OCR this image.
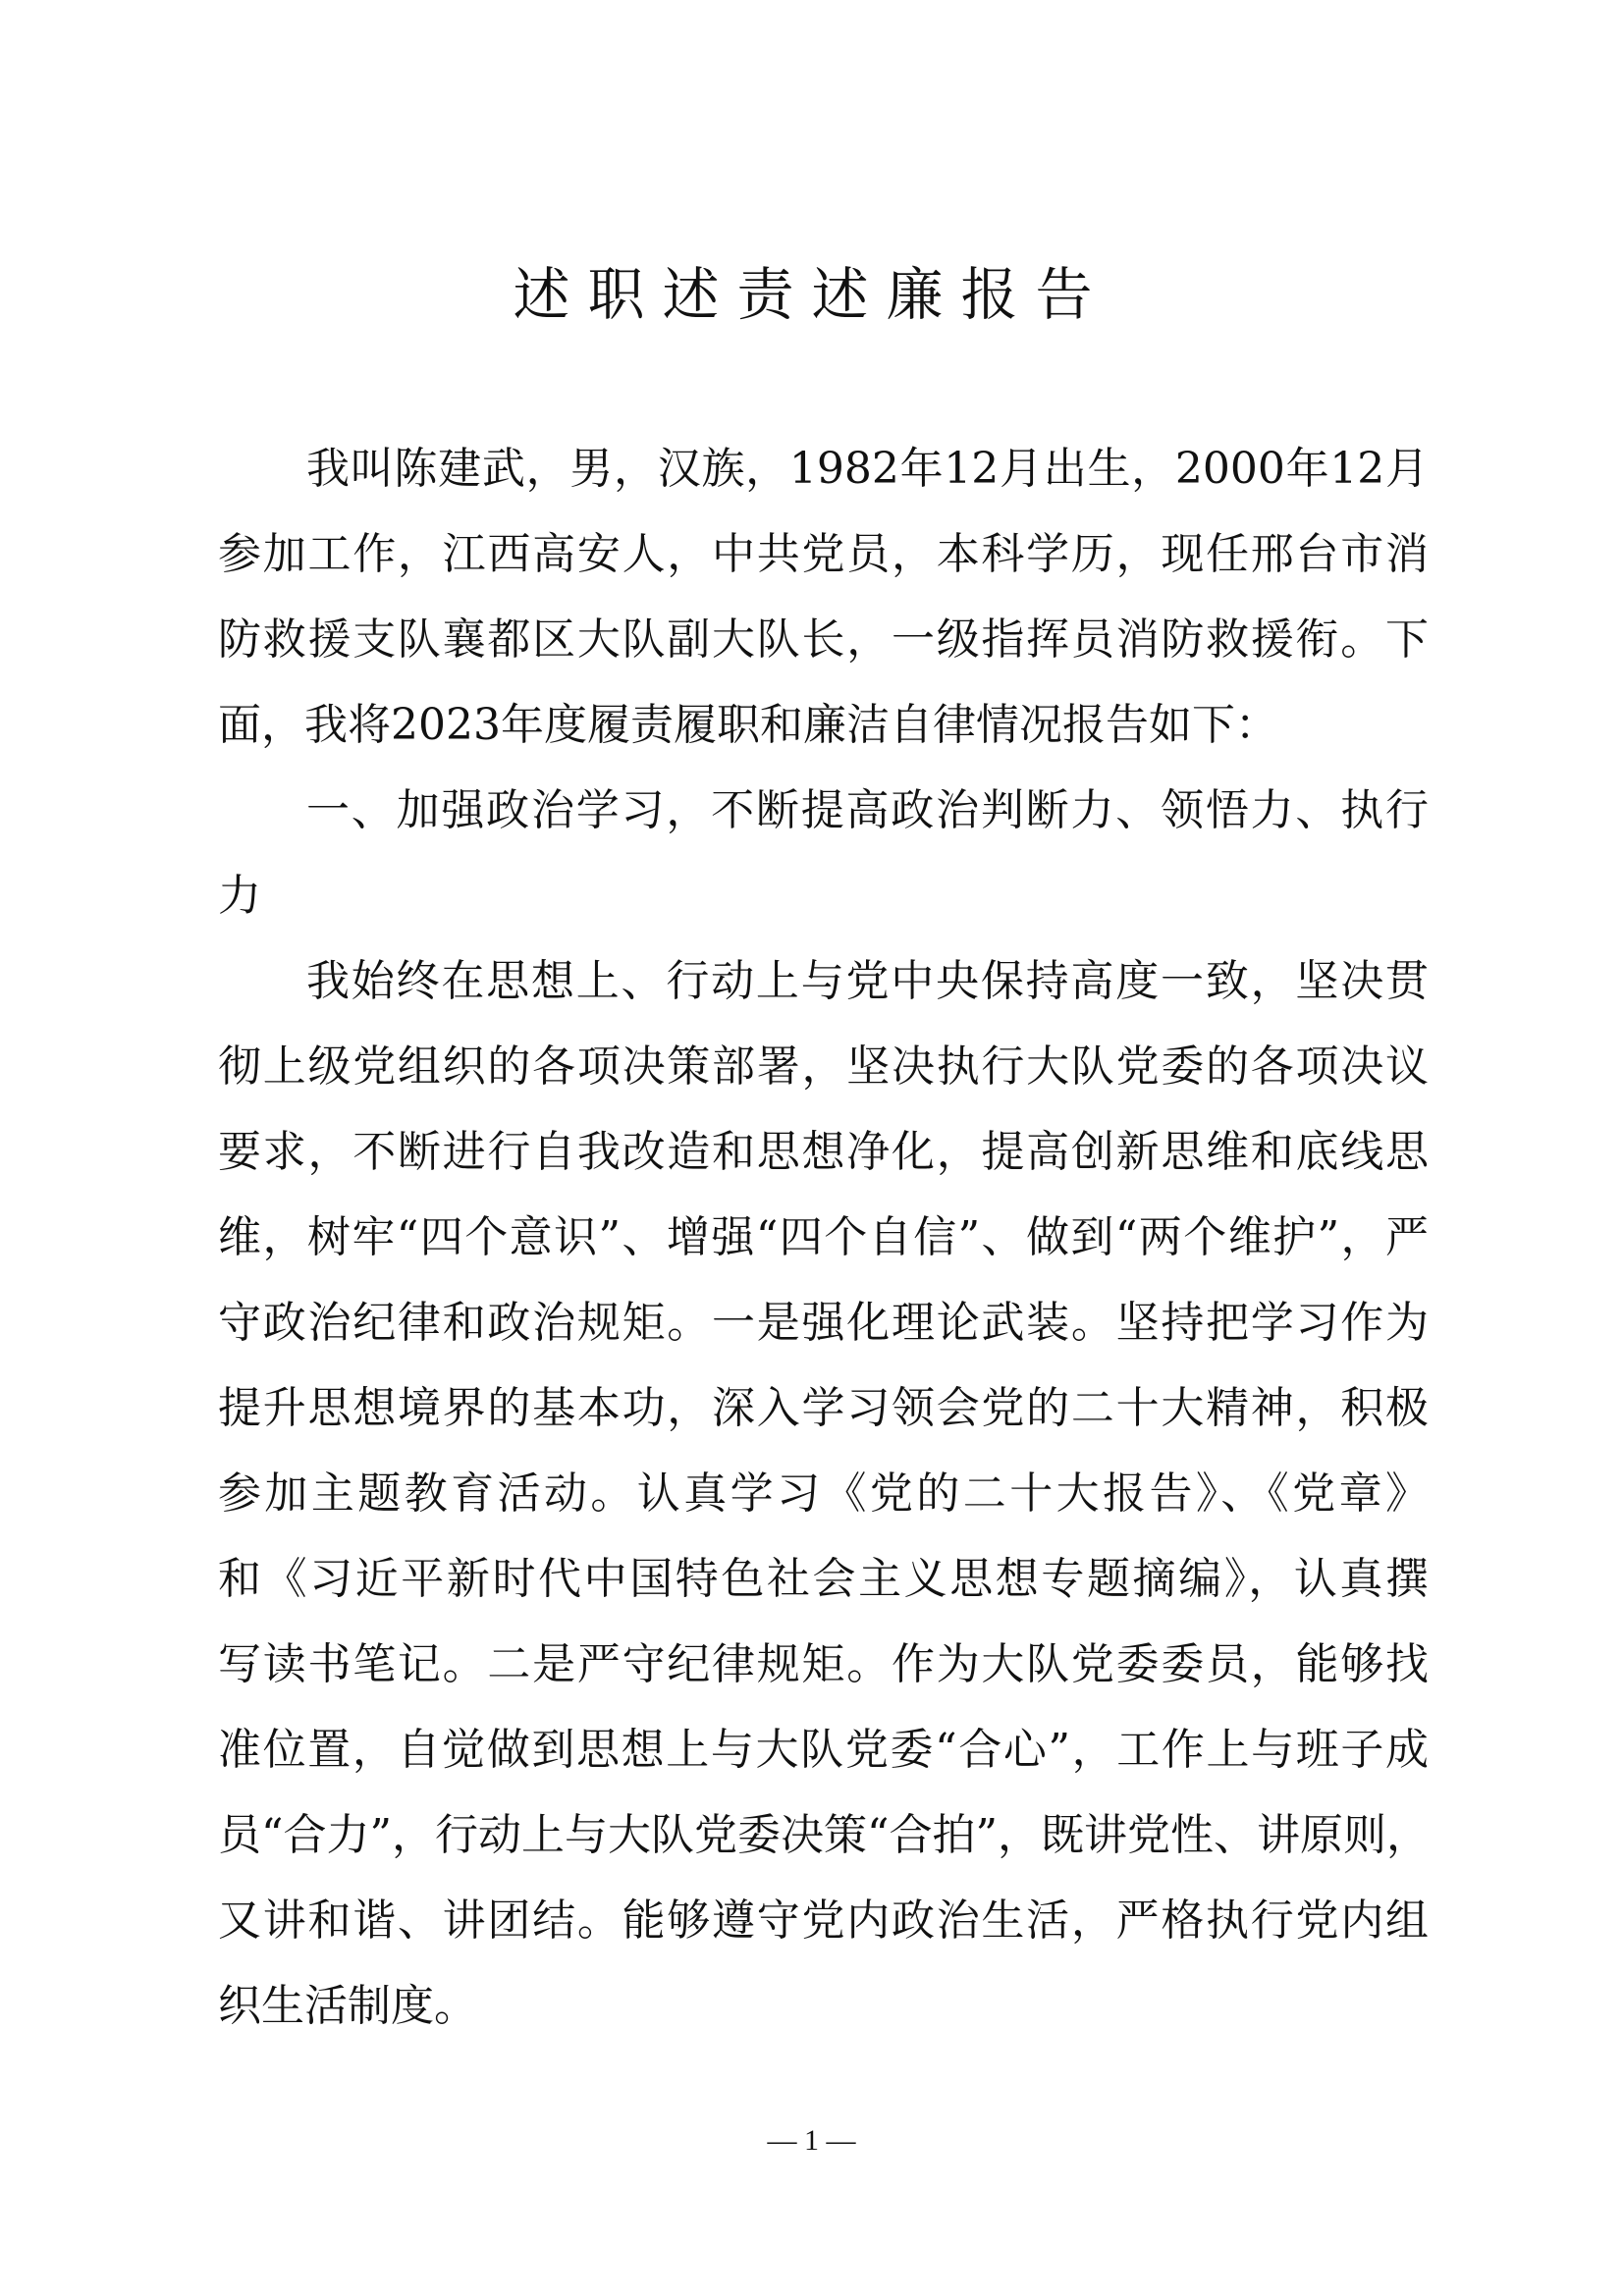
述职述责述廉报告
我叫陈建武，男，汉族，1982年12月出生，2000年12月
参加工作，江西高安人，中共党员，本科学历，现任邢台市消
防救援支队襄都区大队副大队长，一级指挥员消防救援衔。下
面，我将2023年度履责履职和廉洁自律情况报告如下：
一、加强政治学习，不断提高政治判断力、领悟力、执行
力
我始终在思想上、行动上与党中央保持高度一致，坚决贯
彻上级党组织的各项决策部署，坚决执行大队党委的各项决议
要求，不断进行自我改造和思想净化，提高创新思维和底线思
维，树牢“四个意识”、增强“四个自信”、做到“两个维护”，严
守政治纪律和政治规矩。一是强化理论武装。坚持把学习作为
提升思想境界的基本功，深入学习领会党的二十大精神，积极
参加主题教育活动。认真学习《党的二十大报告》、《党章》
和《习近平新时代中国特色社会主义思想专题摘编》，认真撰
写读书笔记。二是严守纪律规矩。作为大队党委委员，能够找
准位置，自觉做到思想上与大队党委“合心”，工作上与班子成
员“合力”，行动上与大队党委决策“合拍”，既讲党性、讲原则，
又讲和谐、讲团结。能够遵守党内政治生活，严格执行党内组
织生活制度。
— 1 —
